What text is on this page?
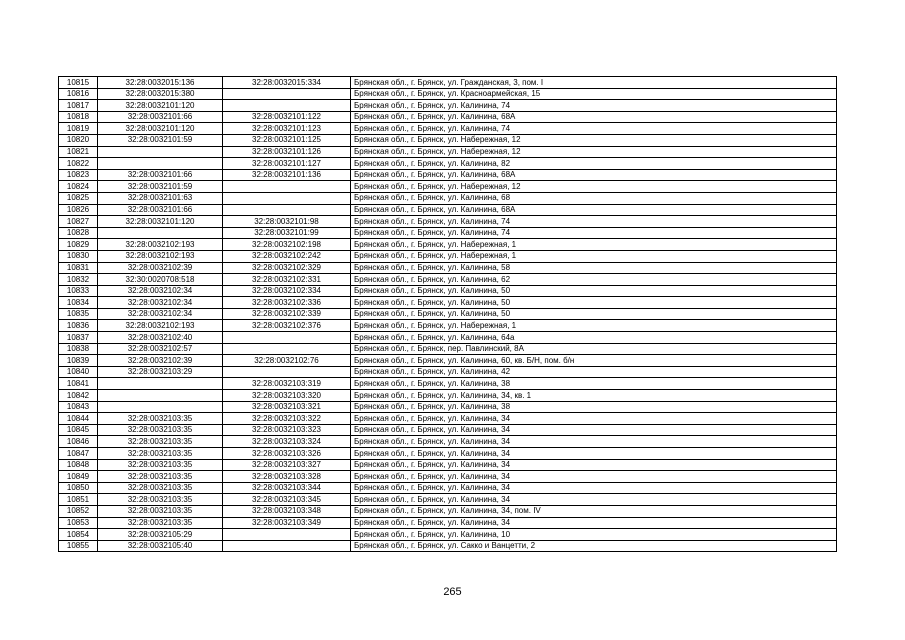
10815	32:28:0032015:136	32:28:0032015:334	Брянская обл., г. Брянск, ул. Гражданская, 3, пом. I
10816	32:28:0032015:380		Брянская обл., г. Брянск, ул. Красноармейская, 15
10817	32:28:0032101:120		Брянская обл., г. Брянск, ул. Калинина, 74
10818	32:28:0032101:66	32:28:0032101:122	Брянская обл., г. Брянск, ул. Калинина, 68А
10819	32:28:0032101:120	32:28:0032101:123	Брянская обл., г. Брянск, ул. Калинина, 74
10820	32:28:0032101:59	32:28:0032101:125	Брянская обл., г. Брянск, ул. Набережная, 12
10821		32:28:0032101:126	Брянская обл., г. Брянск, ул. Набережная, 12
10822		32:28:0032101:127	Брянская обл., г. Брянск, ул. Калинина, 82
10823	32:28:0032101:66	32:28:0032101:136	Брянская обл., г. Брянск, ул. Калинина, 68А
10824	32:28:0032101:59		Брянская обл., г. Брянск, ул. Набережная, 12
10825	32:28:0032101:63		Брянская обл., г. Брянск, ул. Калинина, 68
10826	32:28:0032101:66		Брянская обл., г. Брянск, ул. Калинина, 68А
10827	32:28:0032101:120	32:28:0032101:98	Брянская обл., г. Брянск, ул. Калинина, 74
10828		32:28:0032101:99	Брянская обл., г. Брянск, ул. Калинина, 74
10829	32:28:0032102:193	32:28:0032102:198	Брянская обл., г. Брянск, ул. Набережная, 1
10830	32:28:0032102:193	32:28:0032102:242	Брянская обл., г. Брянск, ул. Набережная, 1
10831	32:28:0032102:39	32:28:0032102:329	Брянская обл., г. Брянск, ул. Калинина, 58
10832	32:30:0020708:518	32:28:0032102:331	Брянская обл., г. Брянск, ул. Калинина, 62
10833	32:28:0032102:34	32:28:0032102:334	Брянская обл., г. Брянск, ул. Калинина, 50
10834	32:28:0032102:34	32:28:0032102:336	Брянская обл., г. Брянск, ул. Калинина, 50
10835	32:28:0032102:34	32:28:0032102:339	Брянская обл., г. Брянск, ул. Калинина, 50
10836	32:28:0032102:193	32:28:0032102:376	Брянская обл., г. Брянск, ул. Набережная, 1
10837	32:28:0032102:40		Брянская обл., г. Брянск, ул. Калинина, 64а
10838	32:28:0032102:57		Брянская обл., г. Брянск, пер. Павлинский, 8А
10839	32:28:0032102:39	32:28:0032102:76	Брянская обл., г. Брянск, ул. Калинина, 60, кв. Б/Н, пом. б/н
10840	32:28:0032103:29		Брянская обл., г. Брянск, ул. Калинина, 42
10841		32:28:0032103:319	Брянская обл., г. Брянск, ул. Калинина, 38
10842		32:28:0032103:320	Брянская обл., г. Брянск, ул. Калинина, 34, кв. 1
10843		32:28:0032103:321	Брянская обл., г. Брянск, ул. Калинина, 38
10844	32:28:0032103:35	32:28:0032103:322	Брянская обл., г. Брянск, ул. Калинина, 34
10845	32:28:0032103:35	32:28:0032103:323	Брянская обл., г. Брянск, ул. Калинина, 34
10846	32:28:0032103:35	32:28:0032103:324	Брянская обл., г. Брянск, ул. Калинина, 34
10847	32:28:0032103:35	32:28:0032103:326	Брянская обл., г. Брянск, ул. Калинина, 34
10848	32:28:0032103:35	32:28:0032103:327	Брянская обл., г. Брянск, ул. Калинина, 34
10849	32:28:0032103:35	32:28:0032103:328	Брянская обл., г. Брянск, ул. Калинина, 34
10850	32:28:0032103:35	32:28:0032103:344	Брянская обл., г. Брянск, ул. Калинина, 34
10851	32:28:0032103:35	32:28:0032103:345	Брянская обл., г. Брянск, ул. Калинина, 34
10852	32:28:0032103:35	32:28:0032103:348	Брянская обл., г. Брянск, ул. Калинина, 34, пом. IV
10853	32:28:0032103:35	32:28:0032103:349	Брянская обл., г. Брянск, ул. Калинина, 34
10854	32:28:0032105:29		Брянская обл., г. Брянск, ул. Калинина, 10
10855	32:28:0032105:40		Брянская обл., г. Брянск, ул. Сакко и Ванцетти, 2
265
